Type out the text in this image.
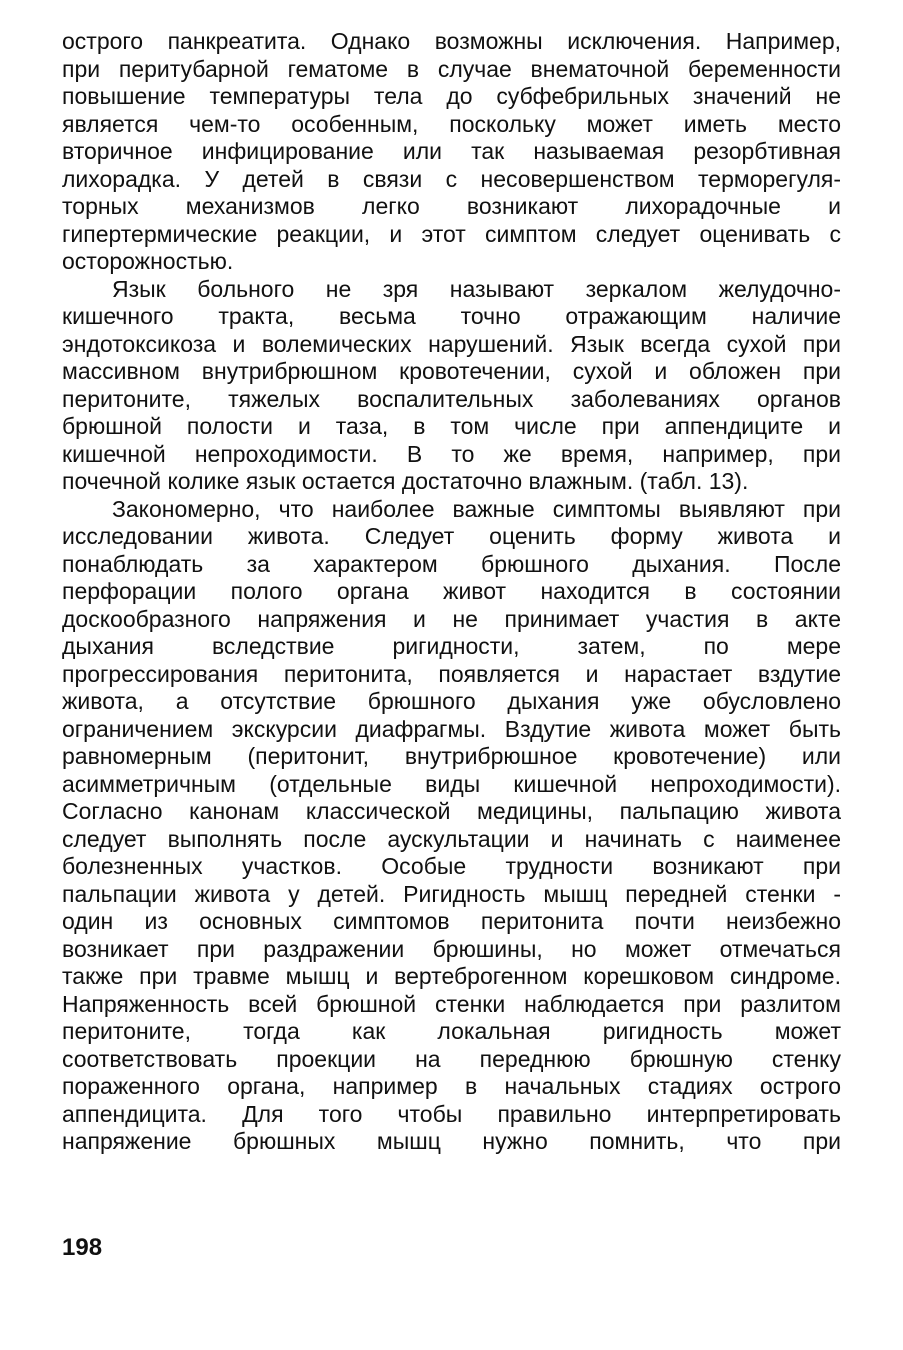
острого панкреатита. Однако возможны исключения. Например,
при перитубарной гематоме в случае внематочной беременности
повышение температуры тела до субфебрильных значений не
является чем-то особенным, поскольку может иметь место
вторичное инфицирование или так называемая резорбтивная
лихорадка. У детей в связи с несовершенством терморегуля-
торных механизмов легко возникают лихорадочные и
гипертермические реакции, и этот симптом следует оценивать с
осторожностью.
Язык больного не зря называют зеркалом желудочно-
кишечного тракта, весьма точно отражающим наличие
эндотоксикоза и волемических нарушений. Язык всегда сухой при
массивном внутрибрюшном кровотечении, сухой и обложен при
перитоните, тяжелых воспалительных заболеваниях органов
брюшной полости и таза, в том числе при аппендиците и
кишечной непроходимости. В то же время, например, при
почечной колике язык остается достаточно влажным. (табл. 13).
Закономерно, что наиболее важные симптомы выявляют при
исследовании живота. Следует оценить форму живота и
понаблюдать за характером брюшного дыхания. После
перфорации полого органа живот находится в состоянии
доскообразного напряжения и не принимает участия в акте
дыхания вследствие ригидности, затем, по мере
прогрессирования перитонита, появляется и нарастает вздутие
живота, а отсутствие брюшного дыхания уже обусловлено
ограничением экскурсии диафрагмы. Вздутие живота может быть
равномерным (перитонит, внутрибрюшное кровотечение) или
асимметричным (отдельные виды кишечной непроходимости).
Согласно канонам классической медицины, пальпацию живота
следует выполнять после аускультации и начинать с наименее
болезненных участков. Особые трудности возникают при
пальпации живота у детей. Ригидность мышц передней стенки -
один из основных симптомов перитонита почти неизбежно
возникает при раздражении брюшины, но может отмечаться
также при травме мышц и вертеброгенном корешковом синдроме.
Напряженность всей брюшной стенки наблюдается при разлитом
перитоните, тогда как локальная ригидность может
соответствовать проекции на переднюю брюшную стенку
пораженного органа, например в начальных стадиях острого
аппендицита. Для того чтобы правильно интерпретировать
напряжение брюшных мышц нужно помнить, что при
198
